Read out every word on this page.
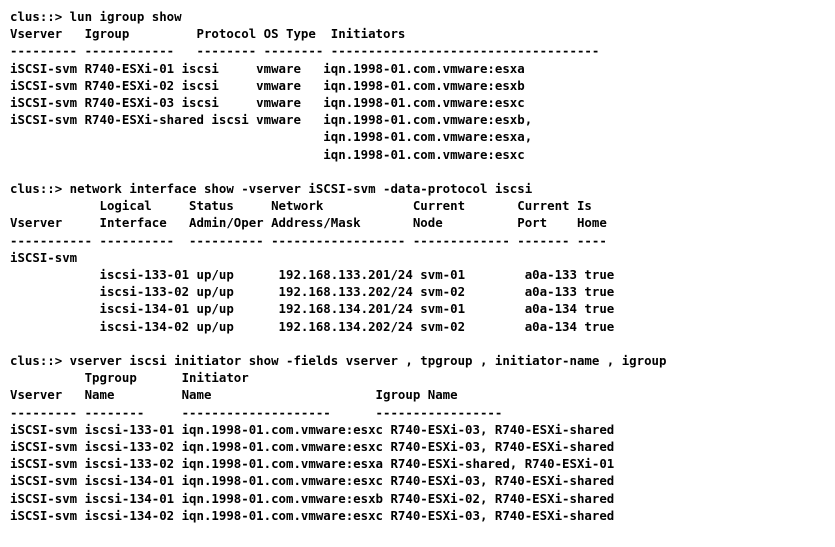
clus::> lun igroup show
Vserver   Igroup         Protocol OS Type  Initiators
--------- ------------   -------- -------- ------------------------------------
iSCSI-svm R740-ESXi-01 iscsi     vmware   iqn.1998-01.com.vmware:esxa
iSCSI-svm R740-ESXi-02 iscsi     vmware   iqn.1998-01.com.vmware:esxb
iSCSI-svm R740-ESXi-03 iscsi     vmware   iqn.1998-01.com.vmware:esxc
iSCSI-svm R740-ESXi-shared iscsi vmware   iqn.1998-01.com.vmware:esxb,
iqn.1998-01.com.vmware:esxa,
iqn.1998-01.com.vmware:esxc
clus::> network interface show -vserver iSCSI-svm -data-protocol iscsi
Logical     Status     Network            Current       Current Is
Vserver     Interface   Admin/Oper Address/Mask       Node          Port    Home
----------- ----------  ---------- ------------------ ------------- ------- ----
iSCSI-svm
iscsi-133-01 up/up      192.168.133.201/24 svm-01        a0a-133 true
iscsi-133-02 up/up      192.168.133.202/24 svm-02        a0a-133 true
iscsi-134-01 up/up      192.168.134.201/24 svm-01        a0a-134 true
iscsi-134-02 up/up      192.168.134.202/24 svm-02        a0a-134 true
clus::> vserver iscsi initiator show -fields vserver , tpgroup , initiator-name , igroup
Tpgroup      Initiator
Vserver   Name         Name                      Igroup Name
--------- --------     --------------------      -----------------
iSCSI-svm iscsi-133-01 iqn.1998-01.com.vmware:esxc R740-ESXi-03, R740-ESXi-shared
iSCSI-svm iscsi-133-02 iqn.1998-01.com.vmware:esxc R740-ESXi-03, R740-ESXi-shared
iSCSI-svm iscsi-133-02 iqn.1998-01.com.vmware:esxa R740-ESXi-shared, R740-ESXi-01
iSCSI-svm iscsi-134-01 iqn.1998-01.com.vmware:esxc R740-ESXi-03, R740-ESXi-shared
iSCSI-svm iscsi-134-01 iqn.1998-01.com.vmware:esxb R740-ESXi-02, R740-ESXi-shared
iSCSI-svm iscsi-134-02 iqn.1998-01.com.vmware:esxc R740-ESXi-03, R740-ESXi-shared
